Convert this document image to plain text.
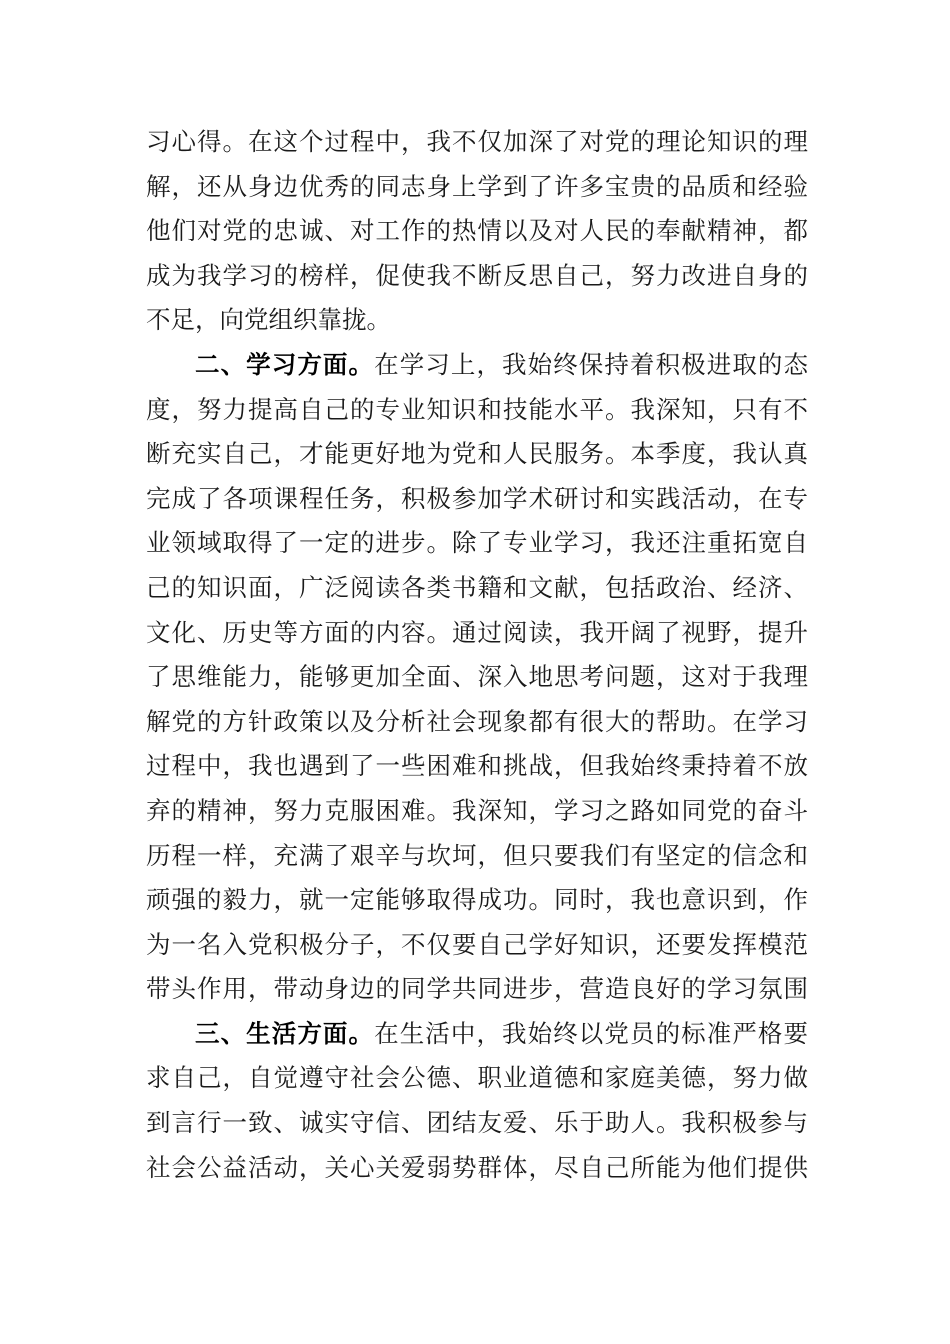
习心得。在这个过程中，我不仅加深了对党的理论知识的理
解，还从身边优秀的同志身上学到了许多宝贵的品质和经验
他们对党的忠诚、对工作的热情以及对人民的奉献精神，都
成为我学习的榜样，促使我不断反思自己，努力改进自身的
不足，向党组织靠拢。
二、学习方面。在学习上，我始终保持着积极进取的态
度，努力提高自己的专业知识和技能水平。我深知，只有不
断充实自己，才能更好地为党和人民服务。本季度，我认真
完成了各项课程任务，积极参加学术研讨和实践活动，在专
业领域取得了一定的进步。除了专业学习，我还注重拓宽自
己的知识面，广泛阅读各类书籍和文献，包括政治、经济、
文化、历史等方面的内容。通过阅读，我开阔了视野，提升
了思维能力，能够更加全面、深入地思考问题，这对于我理
解党的方针政策以及分析社会现象都有很大的帮助。在学习
过程中，我也遇到了一些困难和挑战，但我始终秉持着不放
弃的精神，努力克服困难。我深知，学习之路如同党的奋斗
历程一样，充满了艰辛与坎坷，但只要我们有坚定的信念和
顽强的毅力，就一定能够取得成功。同时，我也意识到，作
为一名入党积极分子，不仅要自己学好知识，还要发挥模范
带头作用，带动身边的同学共同进步，营造良好的学习氛围
三、生活方面。在生活中，我始终以党员的标准严格要
求自己，自觉遵守社会公德、职业道德和家庭美德，努力做
到言行一致、诚实守信、团结友爱、乐于助人。我积极参与
社会公益活动，关心关爱弱势群体，尽自己所能为他们提供
